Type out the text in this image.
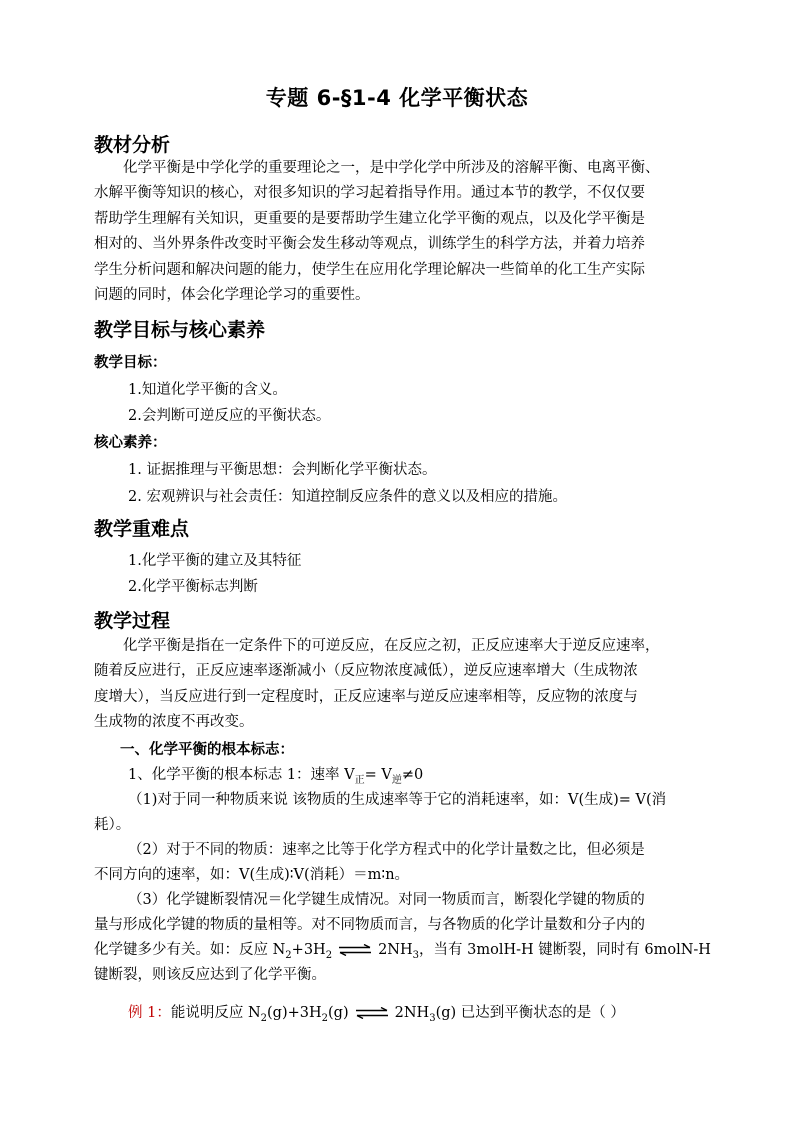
专题 6-§1-4 化学平衡状态
教材分析
化学平衡是中学化学的重要理论之一，是中学化学中所涉及的溶解平衡、电离平衡、
水解平衡等知识的核心，对很多知识的学习起着指导作用。通过本节的教学，不仅仅要
帮助学生理解有关知识，更重要的是要帮助学生建立化学平衡的观点，以及化学平衡是
相对的、当外界条件改变时平衡会发生移动等观点，训练学生的科学方法，并着力培养
学生分析问题和解决问题的能力，使学生在应用化学理论解决一些简单的化工生产实际
问题的同时，体会化学理论学习的重要性。
教学目标与核心素养
教学目标：
1.知道化学平衡的含义。
2.会判断可逆反应的平衡状态。
核心素养：
1. 证据推理与平衡思想：会判断化学平衡状态。
2. 宏观辨识与社会责任：知道控制反应条件的意义以及相应的措施。
教学重难点
1.化学平衡的建立及其特征
2.化学平衡标志判断
教学过程
化学平衡是指在一定条件下的可逆反应，在反应之初，正反应速率大于逆反应速率，
随着反应进行，正反应速率逐渐减小（反应物浓度减低），逆反应速率增大（生成物浓
度增大），当反应进行到一定程度时，正反应速率与逆反应速率相等，反应物的浓度与
生成物的浓度不再改变。
一、化学平衡的根本标志：
1、化学平衡的根本标志 1：速率 $V_正= V_逆\ne 0$
（1)对于同一种物质来说 该物质的生成速率等于它的消耗速率，如：V(生成)= V(消
耗）。
（2）对于不同的物质：速率之比等于化学方程式中的化学计量数之比，但必须是
不同方向的速率，如：V(生成)∶V(消耗）＝m∶n。
（3）化学键断裂情况＝化学键生成情况。对同一物质而言，断裂化学键的物质的
量与形成化学键的物质的量相等。对不同物质而言，与各物质的化学计量数和分子内的
化学键多少有关。如：反应 $N_2+3H_2$ ⇌ $2NH_3$，当有 3molH-H 键断裂，同时有 6molN-H
键断裂，则该反应达到了化学平衡。
例 1：能说明反应 $N_2(g)+3H_2(g)$ ⇌ $2NH_3(g)$ 已达到平衡状态的是（ ）
